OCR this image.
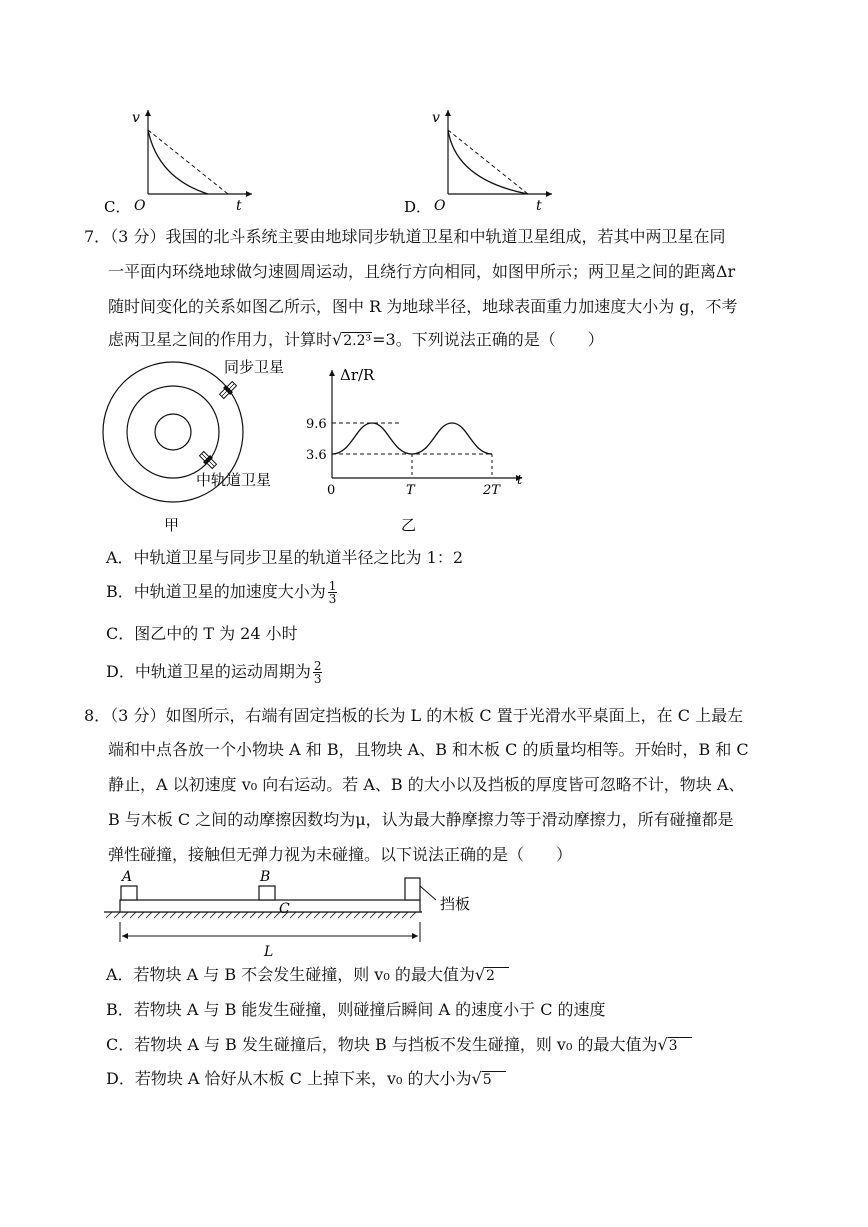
v
t
O
C．
v
t
O
D．
7．（3 分）我国的北斗系统主要由地球同步轨道卫星和中轨道卫星组成，若其中两卫星在同
一平面内环绕地球做匀速圆周运动，且绕行方向相同，如图甲所示；两卫星之间的距离Δr
随时间变化的关系如图乙所示，图中 R 为地球半径，地球表面重力加速度大小为 g，不考
虑两卫星之间的作用力，计算时√2.2³=3。下列说法正确的是（　　）
同步卫星
中轨道卫星
甲
Δr/R
9.6
3.6
0	T	2T
t
乙
A．中轨道卫星与同步卫星的轨道半径之比为 1：2
B．中轨道卫星的加速度大小为 $\frac{1}{3}$
C．图乙中的 T 为 24 小时
D．中轨道卫星的运动周期为 $\frac{2}{3}$
8．（3 分）如图所示，右端有固定挡板的长为 L 的木板 C 置于光滑水平桌面上，在 C 上最左
端和中点各放一个小物块 A 和 B，且物块 A、B 和木板 C 的质量均相等。开始时，B 和 C
静止，A 以初速度 v₀ 向右运动。若 A、B 的大小以及挡板的厚度皆可忽略不计，物块 A、
B 与木板 C 之间的动摩擦因数均为μ，认为最大静摩擦力等于滑动摩擦力，所有碰撞都是
弹性碰撞，接触但无弹力视为未碰撞。以下说法正确的是（　　）
A	B
C	挡板
L
A．若物块 A 与 B 不会发生碰撞，则 v₀ 的最大值为√2
B．若物块 A 与 B 能发生碰撞，则碰撞后瞬间 A 的速度小于 C 的速度
C．若物块 A 与 B 发生碰撞后，物块 B 与挡板不发生碰撞，则 v₀ 的最大值为√3
D．若物块 A 恰好从木板 C 上掉下来，v₀ 的大小为√5
